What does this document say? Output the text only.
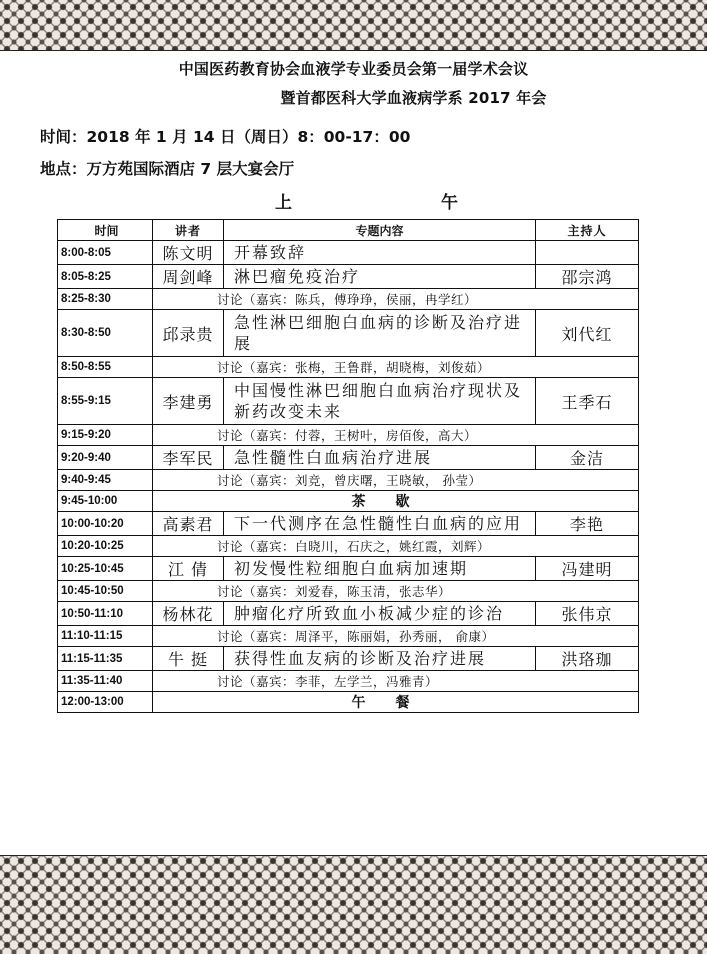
中国医药教育协会血液学专业委员会第一届学术会议
暨首都医科大学血液病学系 2017 年会
时间：2018 年 1 月 14 日（周日）8：00-17：00
地点：万方苑国际酒店 7 层大宴会厅
上	午
时间	讲者	专题内容	主持人
8:00-8:05	陈文明	开幕致辞	
8:05-8:25	周剑峰	淋巴瘤免疫治疗	邵宗鸿
8:25-8:30	讨论（嘉宾：陈兵，傅琤琤，侯丽，冉学红）		
8:30-8:50	邱录贵	急性淋巴细胞白血病的诊断及治疗进展	刘代红
8:50-8:55	讨论（嘉宾：张梅，王鲁群，胡晓梅，刘俊茹）		
8:55-9:15	李建勇	中国慢性淋巴细胞白血病治疗现状及新药改变未来	王季石
9:15-9:20	讨论（嘉宾：付蓉，王树叶，房佰俊，高大）		
9:20-9:40	李军民	急性髓性白血病治疗进展	金洁
9:40-9:45	讨论（嘉宾：刘竞，曾庆曙，王晓敏， 孙莹）		
9:45-10:00	茶歇		
10:00-10:20	高素君	下一代测序在急性髓性白血病的应用	李艳
10:20-10:25	讨论（嘉宾：白晓川，石庆之，姚红霞，刘辉）		
10:25-10:45	江 倩	初发慢性粒细胞白血病加速期	冯建明
10:45-10:50	讨论（嘉宾：刘爱春，陈玉清，张志华）		
10:50-11:10	杨林花	肿瘤化疗所致血小板减少症的诊治	张伟京
11:10-11:15	讨论（嘉宾：周泽平，陈丽娟，孙秀丽， 俞康）		
11:15-11:35	牛 挺	获得性血友病的诊断及治疗进展	洪珞珈
11:35-11:40	讨论（嘉宾：李菲，左学兰，冯雅青）		
12:00-13:00	午餐		
